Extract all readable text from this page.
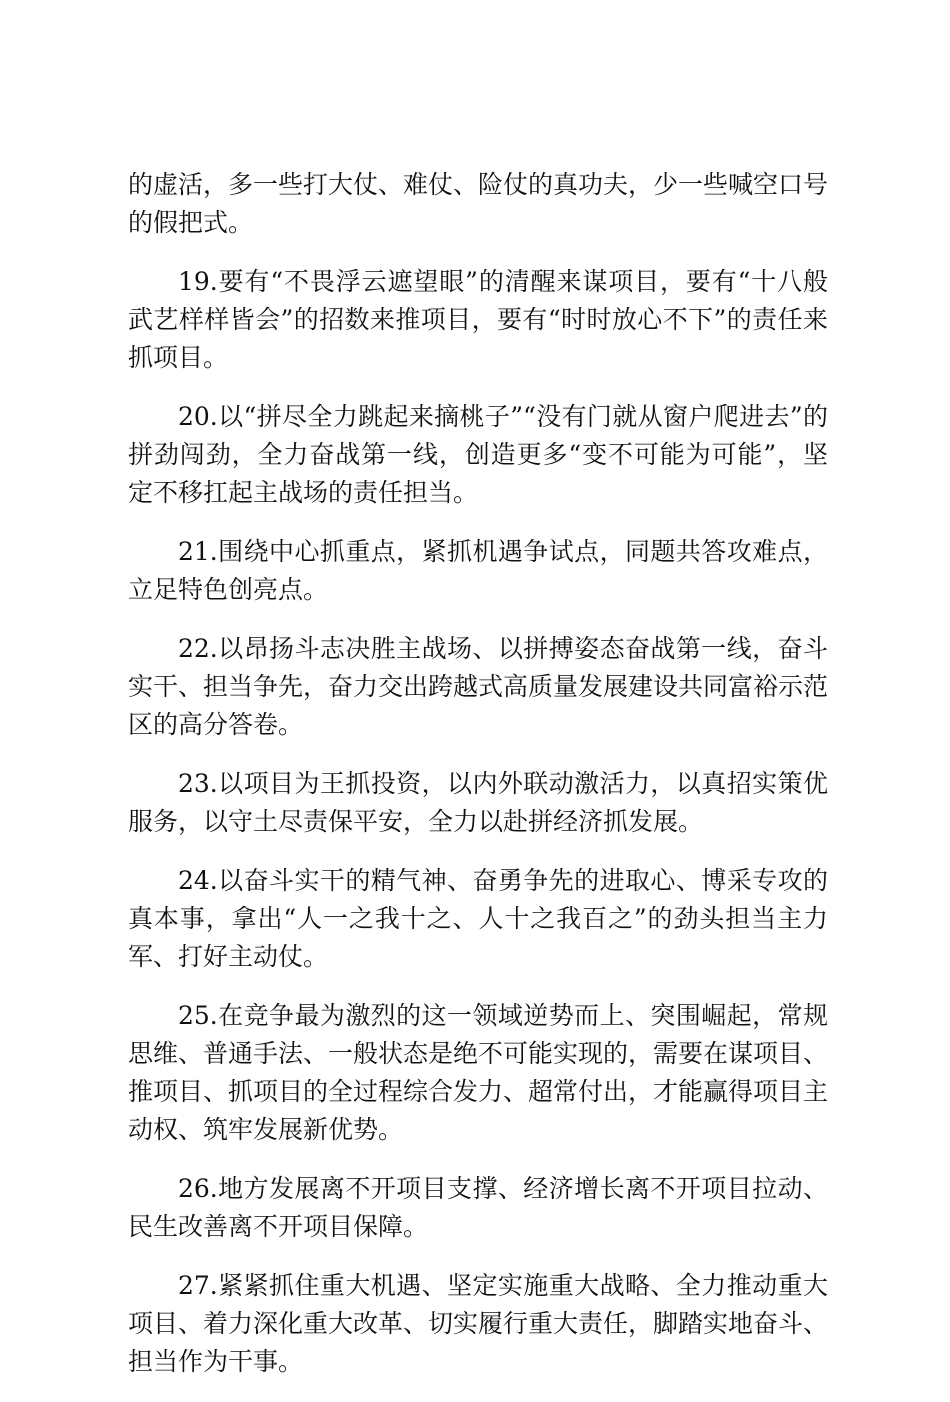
的虚活，多一些打大仗、难仗、险仗的真功夫，少一些喊空口号的假把式。

19.要有“不畏浮云遮望眼”的清醒来谋项目，要有“十八般武艺样样皆会”的招数来推项目，要有“时时放心不下”的责任来抓项目。

20.以“拼尽全力跳起来摘桃子”“没有门就从窗户爬进去”的拼劲闯劲，全力奋战第一线，创造更多“变不可能为可能”，坚定不移扛起主战场的责任担当。

21.围绕中心抓重点，紧抓机遇争试点，同题共答攻难点，立足特色创亮点。

22.以昂扬斗志决胜主战场、以拼搏姿态奋战第一线，奋斗实干、担当争先，奋力交出跨越式高质量发展建设共同富裕示范区的高分答卷。

23.以项目为王抓投资，以内外联动激活力，以真招实策优服务，以守土尽责保平安，全力以赴拼经济抓发展。

24.以奋斗实干的精气神、奋勇争先的进取心、博采专攻的真本事，拿出“人一之我十之、人十之我百之”的劲头担当主力军、打好主动仗。

25.在竞争最为激烈的这一领域逆势而上、突围崛起，常规思维、普通手法、一般状态是绝不可能实现的，需要在谋项目、推项目、抓项目的全过程综合发力、超常付出，才能赢得项目主动权、筑牢发展新优势。

26.地方发展离不开项目支撑、经济增长离不开项目拉动、民生改善离不开项目保障。

27.紧紧抓住重大机遇、坚定实施重大战略、全力推动重大项目、着力深化重大改革、切实履行重大责任，脚踏实地奋斗、担当作为干事。
